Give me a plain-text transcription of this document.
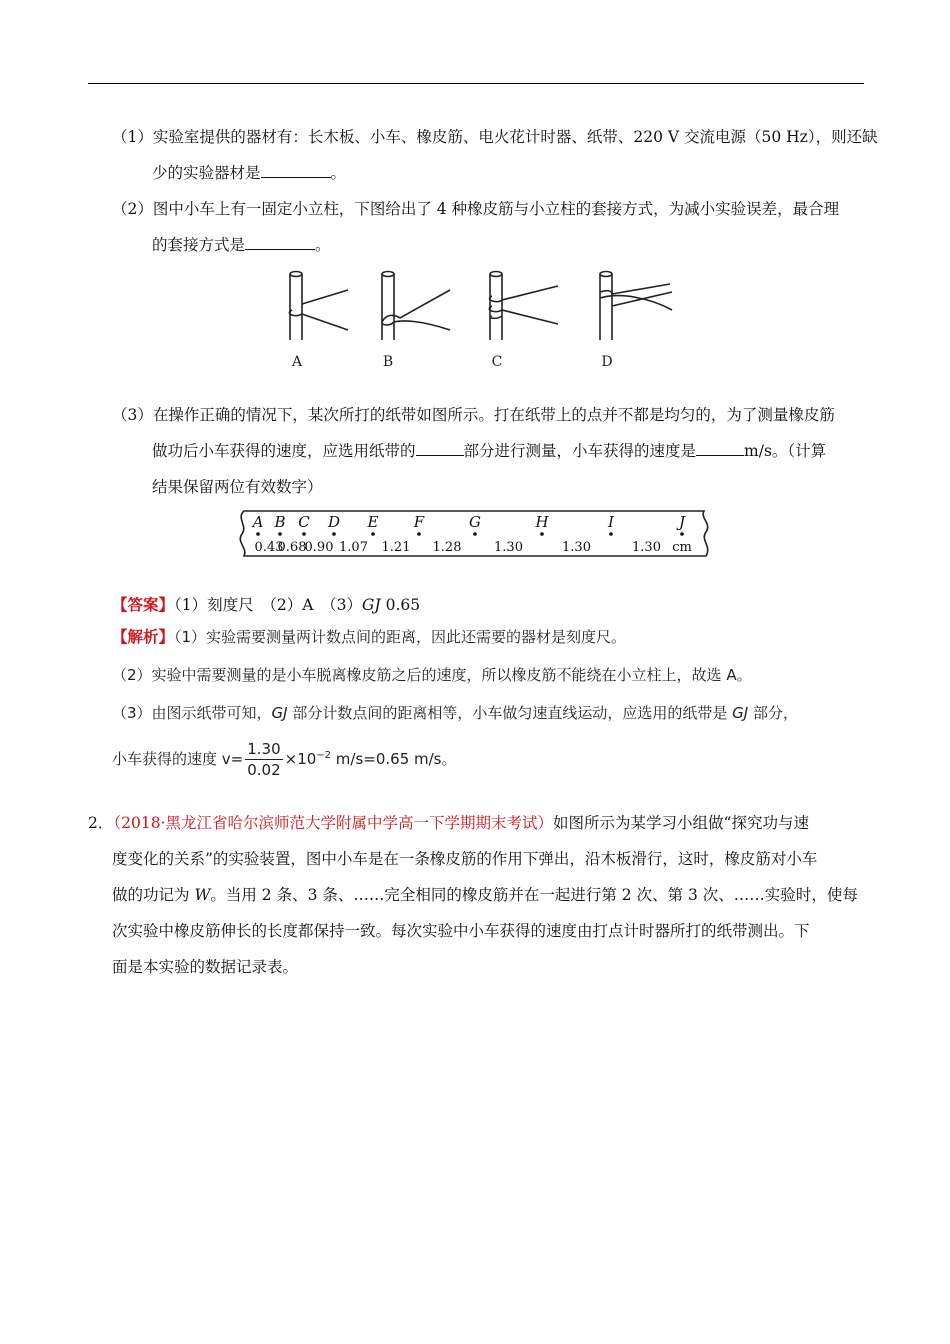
（1）实验室提供的器材有：长木板、小车、橡皮筋、电火花计时器、纸带、220 V 交流电源（50 Hz），则还缺
少的实验器材是	。
（2）图中小车上有一固定小立柱，下图给出了 4 种橡皮筋与小立柱的套接方式，为减小实验误差，最合理
的套接方式是	。
A	B	C	D
（3）在操作正确的情况下，某次所打的纸带如图所示。打在纸带上的点并不都是均匀的，为了测量橡皮筋
做功后小车获得的速度，应选用纸带的	部分进行测量，小车获得的速度是	m/s。（计算
结果保留两位有效数字）
A B C D E F	G	H	I	J
0.43
0.68
0.90 1.07 1.21 1.28	1.30	1.30	1.30 cm
【答案】（1）刻度尺　（2）A　（3）GJ 0.65
【解析】（1）实验需要测量两计数点间的距离，因此还需要的器材是刻度尺。
（2）实验中需要测量的是小车脱离橡皮筋之后的速度，所以橡皮筋不能绕在小立柱上，故选 A。
（3）由图示纸带可知，GJ 部分计数点间的距离相等，小车做匀速直线运动，应选用的纸带是 GJ 部分，
小车获得的速度 $v= \frac{1.30}{0.02} \times 10^{-2}$ m/s=0.65 m/s。
2．（2018·黑龙江省哈尔滨师范大学附属中学高一下学期期末考试）如图所示为某学习小组做“探究功与速
度变化的关系”的实验装置，图中小车是在一条橡皮筋的作用下弹出，沿木板滑行，这时，橡皮筋对小车
做的功记为 W。当用 2 条、3 条、……完全相同的橡皮筋并在一起进行第 2 次、第 3 次、……实验时，使每
次实验中橡皮筋伸长的长度都保持一致。每次实验中小车获得的速度由打点计时器所打的纸带测出。下
面是本实验的数据记录表。
